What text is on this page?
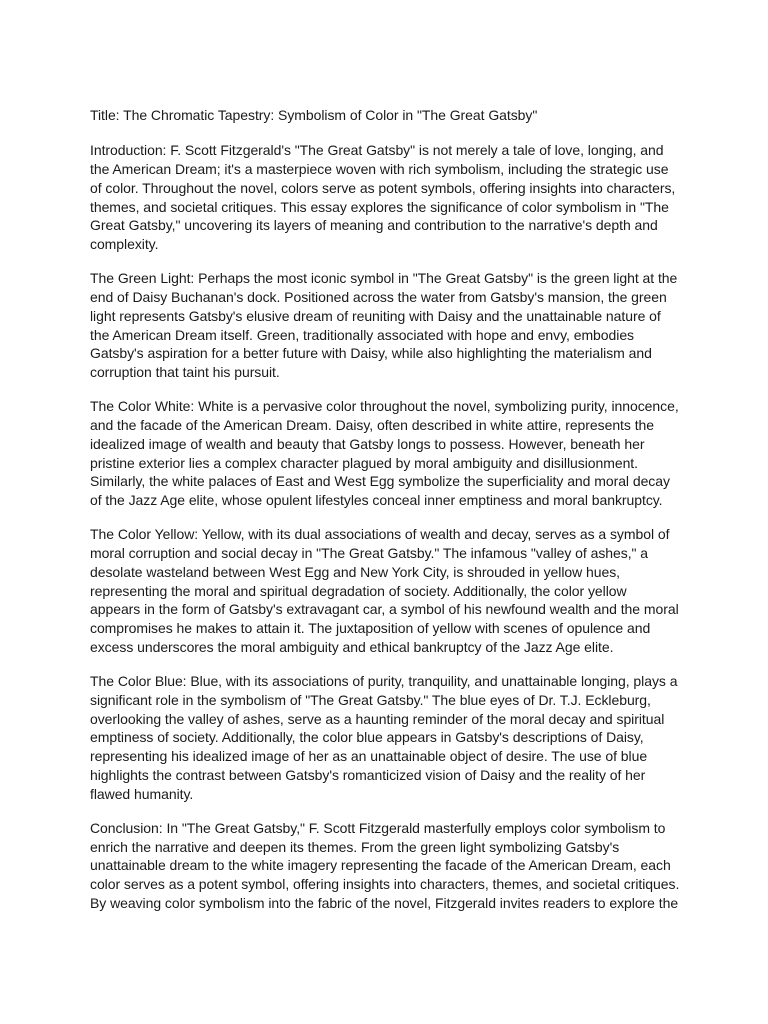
Title: The Chromatic Tapestry: Symbolism of Color in "The Great Gatsby"

Introduction: F. Scott Fitzgerald's "The Great Gatsby" is not merely a tale of love, longing, and the American Dream; it's a masterpiece woven with rich symbolism, including the strategic use of color. Throughout the novel, colors serve as potent symbols, offering insights into characters, themes, and societal critiques. This essay explores the significance of color symbolism in "The Great Gatsby," uncovering its layers of meaning and contribution to the narrative's depth and complexity.

The Green Light: Perhaps the most iconic symbol in "The Great Gatsby" is the green light at the end of Daisy Buchanan's dock. Positioned across the water from Gatsby's mansion, the green light represents Gatsby's elusive dream of reuniting with Daisy and the unattainable nature of the American Dream itself. Green, traditionally associated with hope and envy, embodies Gatsby's aspiration for a better future with Daisy, while also highlighting the materialism and corruption that taint his pursuit.

The Color White: White is a pervasive color throughout the novel, symbolizing purity, innocence, and the facade of the American Dream. Daisy, often described in white attire, represents the idealized image of wealth and beauty that Gatsby longs to possess. However, beneath her pristine exterior lies a complex character plagued by moral ambiguity and disillusionment. Similarly, the white palaces of East and West Egg symbolize the superficiality and moral decay of the Jazz Age elite, whose opulent lifestyles conceal inner emptiness and moral bankruptcy.

The Color Yellow: Yellow, with its dual associations of wealth and decay, serves as a symbol of moral corruption and social decay in "The Great Gatsby." The infamous "valley of ashes," a desolate wasteland between West Egg and New York City, is shrouded in yellow hues, representing the moral and spiritual degradation of society. Additionally, the color yellow appears in the form of Gatsby's extravagant car, a symbol of his newfound wealth and the moral compromises he makes to attain it. The juxtaposition of yellow with scenes of opulence and excess underscores the moral ambiguity and ethical bankruptcy of the Jazz Age elite.

The Color Blue: Blue, with its associations of purity, tranquility, and unattainable longing, plays a significant role in the symbolism of "The Great Gatsby." The blue eyes of Dr. T.J. Eckleburg, overlooking the valley of ashes, serve as a haunting reminder of the moral decay and spiritual emptiness of society. Additionally, the color blue appears in Gatsby's descriptions of Daisy, representing his idealized image of her as an unattainable object of desire. The use of blue highlights the contrast between Gatsby's romanticized vision of Daisy and the reality of her flawed humanity.

Conclusion: In "The Great Gatsby," F. Scott Fitzgerald masterfully employs color symbolism to enrich the narrative and deepen its themes. From the green light symbolizing Gatsby's unattainable dream to the white imagery representing the facade of the American Dream, each color serves as a potent symbol, offering insights into characters, themes, and societal critiques. By weaving color symbolism into the fabric of the novel, Fitzgerald invites readers to explore the
